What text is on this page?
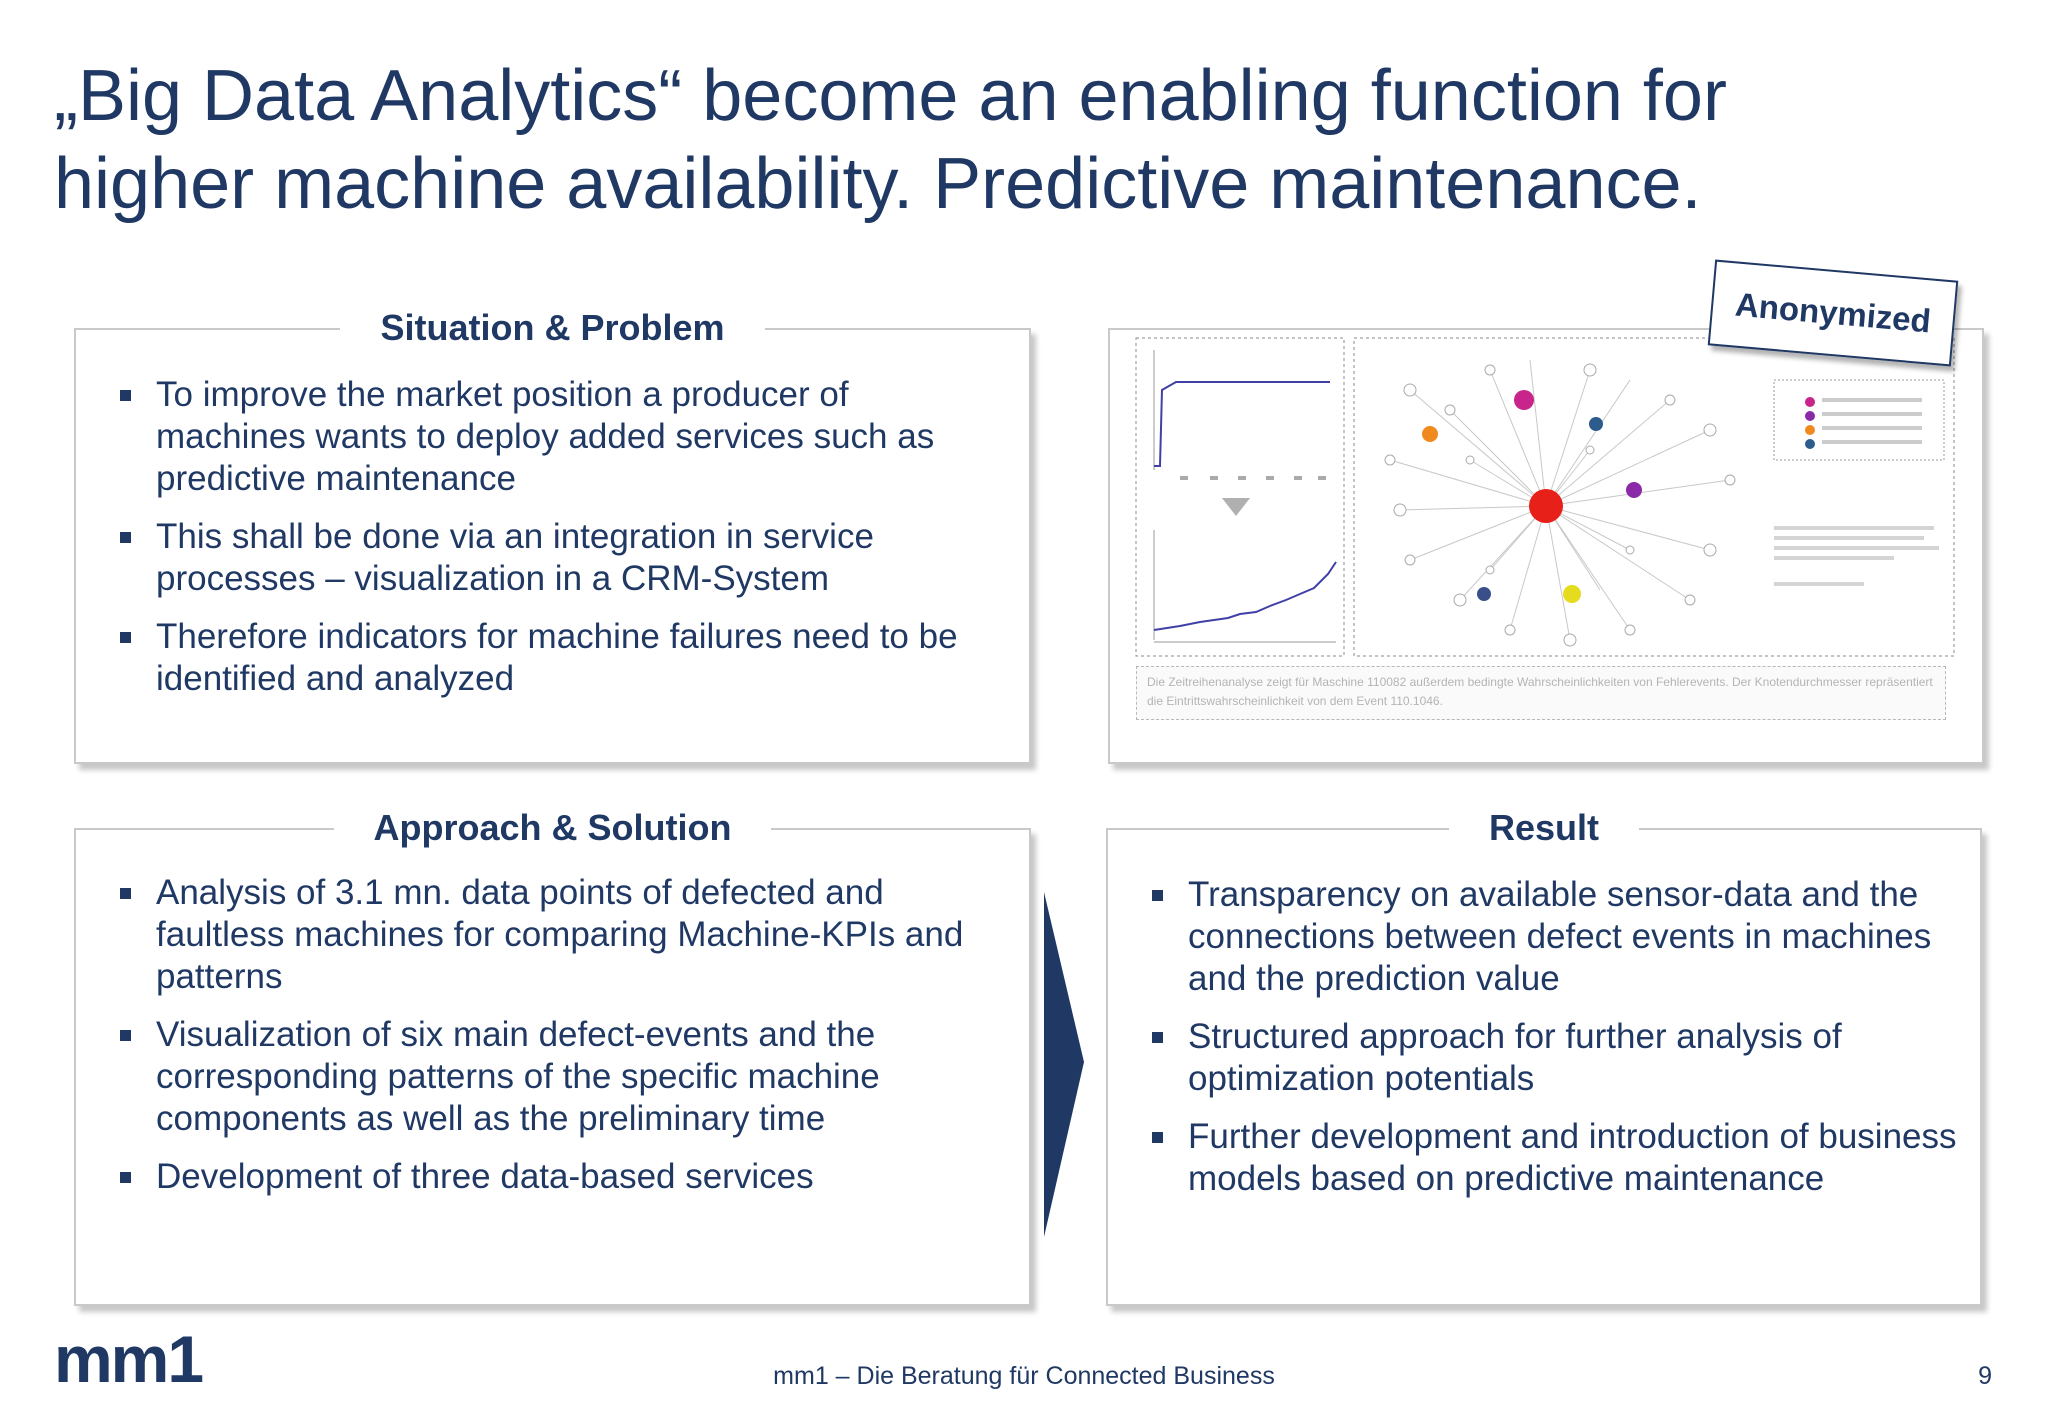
„Big Data Analytics“ become an enabling function for
higher machine availability. Predictive maintenance.
Situation & Problem
To improve the market position a producer of machines wants to deploy added services such as predictive maintenance
This shall be done via an integration in service processes – visualization in a CRM-System
Therefore indicators for machine failures need to be identified and analyzed	Die Zeitreihenanalyse zeigt für Maschine 110082 außerdem bedingte Wahrscheinlichkeiten von Fehlerevents. Der Knotendurchmesser repräsentiert die Eintrittswahrscheinlichkeit von dem Event 110.1046.
Anonymized
Approach & Solution
Analysis of 3.1 mn. data points of defected and faultless machines for comparing Machine-KPIs and patterns
Visualization of six main defect-events and the corresponding patterns of the specific machine components as well as the preliminary time
Development of three data-based services
Result
Transparency on available sensor-data and the connections between defect events in machines and the prediction value
Structured approach for further analysis of optimization potentials
Further development and introduction of business models based on predictive maintenance
mm1	mm1 – Die Beratung für Connected Business	9
